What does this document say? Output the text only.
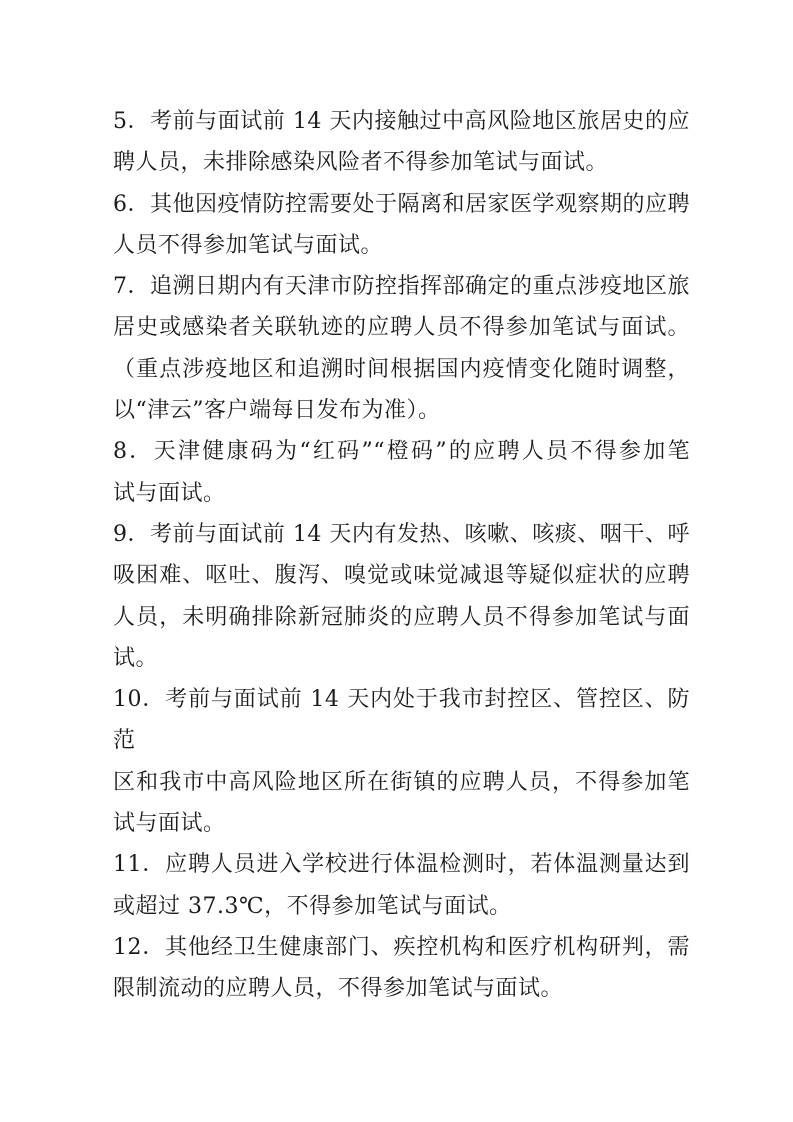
5．考前与面试前 14 天内接触过中高风险地区旅居史的应
聘人员，未排除感染风险者不得参加笔试与面试。
6．其他因疫情防控需要处于隔离和居家医学观察期的应聘
人员不得参加笔试与面试。
7．追溯日期内有天津市防控指挥部确定的重点涉疫地区旅
居史或感染者关联轨迹的应聘人员不得参加笔试与面试。
（重点涉疫地区和追溯时间根据国内疫情变化随时调整，
以“津云”客户端每日发布为准）。
8．天津健康码为“红码”“橙码”的应聘人员不得参加笔
试与面试。
9．考前与面试前 14 天内有发热、咳嗽、咳痰、咽干、呼
吸困难、呕吐、腹泻、嗅觉或味觉减退等疑似症状的应聘
人员，未明确排除新冠肺炎的应聘人员不得参加笔试与面
试。
10．考前与面试前 14 天内处于我市封控区、管控区、防范
区和我市中高风险地区所在街镇的应聘人员，不得参加笔
试与面试。
11．应聘人员进入学校进行体温检测时，若体温测量达到
或超过 37.3℃，不得参加笔试与面试。
12．其他经卫生健康部门、疾控机构和医疗机构研判，需
限制流动的应聘人员，不得参加笔试与面试。
